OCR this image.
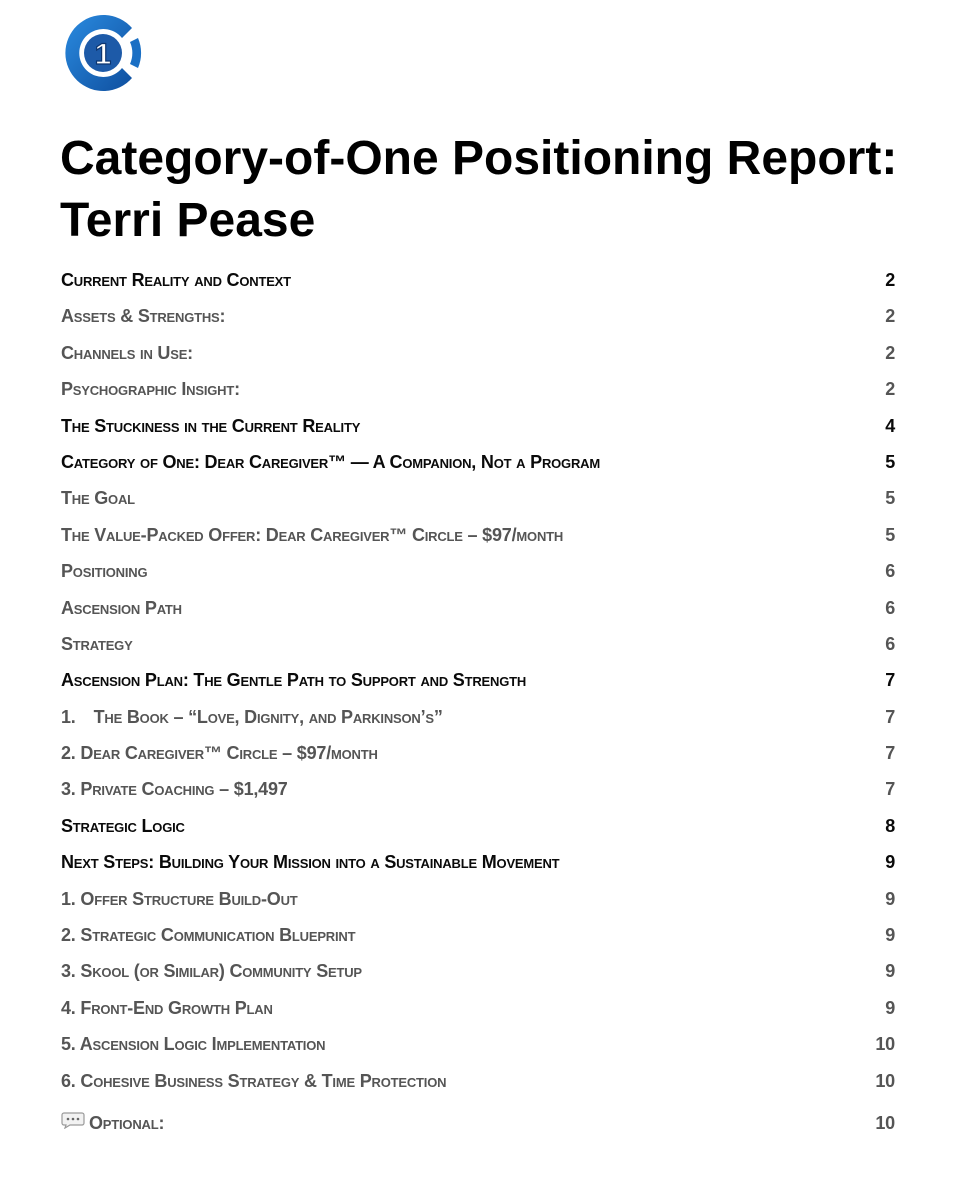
1
Category-of-One Positioning Report: Terri Pease
Current Reality and Context	2
Assets & Strengths:	2
Channels in Use:	2
Psychographic Insight:	2
The Stuckiness in the Current Reality	4
Category of One: Dear Caregiver™ — A Companion, Not a Program	5
The Goal	5
The Value-Packed Offer: Dear Caregiver™ Circle – $97/month	5
Positioning	6
Ascension Path	6
Strategy	6
Ascension Plan: The Gentle Path to Support and Strength	7
1. The Book – “Love, Dignity, and Parkinson’s”	7
2. Dear Caregiver™ Circle – $97/month	7
3. Private Coaching – $1,497	7
Strategic Logic	8
Next Steps: Building Your Mission into a Sustainable Movement	9
1. Offer Structure Build-Out	9
2. Strategic Communication Blueprint	9
3. Skool (or Similar) Community Setup	9
4. Front-End Growth Plan	9
5. Ascension Logic Implementation	10
6. Cohesive Business Strategy & Time Protection	10
Optional:	10
